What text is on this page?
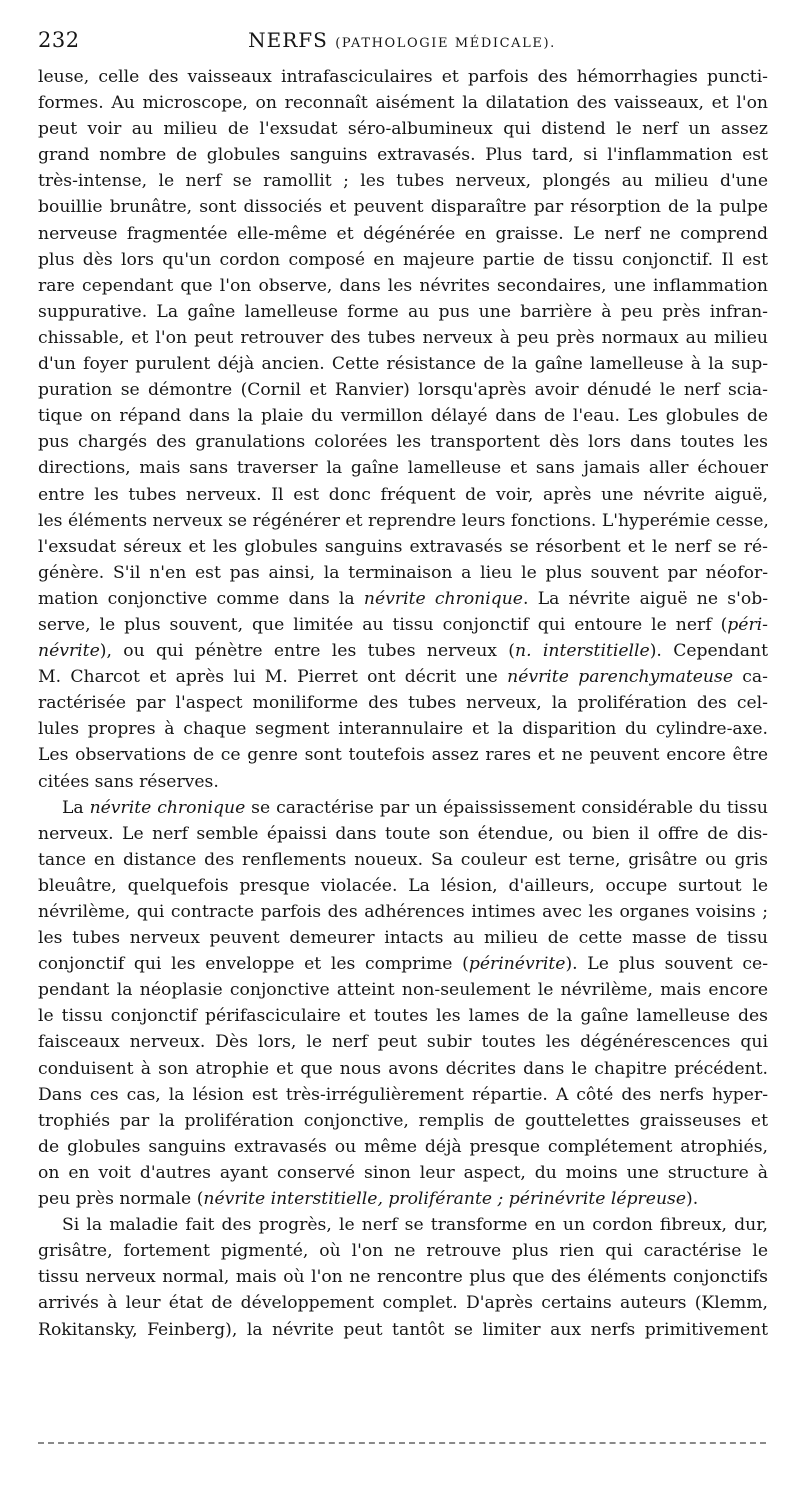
232	NERFS (PATHOLOGIE MÉDICALE).
leuse, celle des vaisseaux intrafasciculaires et parfois des hémorrhagies puncti-
formes. Au microscope, on reconnaît aisément la dilatation des vaisseaux, et l'on
peut voir au milieu de l'exsudat séro-albumineux qui distend le nerf un assez
grand nombre de globules sanguins extravasés. Plus tard, si l'inflammation est
très-intense, le nerf se ramollit ; les tubes nerveux, plongés au milieu d'une
bouillie brunâtre, sont dissociés et peuvent disparaître par résorption de la pulpe
nerveuse fragmentée elle-même et dégénérée en graisse. Le nerf ne comprend
plus dès lors qu'un cordon composé en majeure partie de tissu conjonctif. Il est
rare cependant que l'on observe, dans les névrites secondaires, une inflammation
suppurative. La gaîne lamelleuse forme au pus une barrière à peu près infran-
chissable, et l'on peut retrouver des tubes nerveux à peu près normaux au milieu
d'un foyer purulent déjà ancien. Cette résistance de la gaîne lamelleuse à la sup-
puration se démontre (Cornil et Ranvier) lorsqu'après avoir dénudé le nerf scia-
tique on répand dans la plaie du vermillon délayé dans de l'eau. Les globules de
pus chargés des granulations colorées les transportent dès lors dans toutes les
directions, mais sans traverser la gaîne lamelleuse et sans jamais aller échouer
entre les tubes nerveux. Il est donc fréquent de voir, après une névrite aiguë,
les éléments nerveux se régénérer et reprendre leurs fonctions. L'hyperémie cesse,
l'exsudat séreux et les globules sanguins extravasés se résorbent et le nerf se ré-
génère. S'il n'en est pas ainsi, la terminaison a lieu le plus souvent par néofor-
mation conjonctive comme dans la névrite chronique. La névrite aiguë ne s'ob-
serve, le plus souvent, que limitée au tissu conjonctif qui entoure le nerf (péri-
névrite), ou qui pénètre entre les tubes nerveux (n. interstitielle). Cependant
M. Charcot et après lui M. Pierret ont décrit une névrite parenchymateuse ca-
ractérisée par l'aspect moniliforme des tubes nerveux, la prolifération des cel-
lules propres à chaque segment interannulaire et la disparition du cylindre-axe.
Les observations de ce genre sont toutefois assez rares et ne peuvent encore être
citées sans réserves.
La névrite chronique se caractérise par un épaississement considérable du tissu
nerveux. Le nerf semble épaissi dans toute son étendue, ou bien il offre de dis-
tance en distance des renflements noueux. Sa couleur est terne, grisâtre ou gris
bleuâtre, quelquefois presque violacée. La lésion, d'ailleurs, occupe surtout le
névrilème, qui contracte parfois des adhérences intimes avec les organes voisins ;
les tubes nerveux peuvent demeurer intacts au milieu de cette masse de tissu
conjonctif qui les enveloppe et les comprime (périnévrite). Le plus souvent ce-
pendant la néoplasie conjonctive atteint non-seulement le névrilème, mais encore
le tissu conjonctif périfasciculaire et toutes les lames de la gaîne lamelleuse des
faisceaux nerveux. Dès lors, le nerf peut subir toutes les dégénérescences qui
conduisent à son atrophie et que nous avons décrites dans le chapitre précédent.
Dans ces cas, la lésion est très-irrégulièrement répartie. A côté des nerfs hyper-
trophiés par la prolifération conjonctive, remplis de gouttelettes graisseuses et
de globules sanguins extravasés ou même déjà presque complétement atrophiés,
on en voit d'autres ayant conservé sinon leur aspect, du moins une structure à
peu près normale (névrite interstitielle, proliférante ; périnévrite lépreuse).
Si la maladie fait des progrès, le nerf se transforme en un cordon fibreux, dur,
grisâtre, fortement pigmenté, où l'on ne retrouve plus rien qui caractérise le
tissu nerveux normal, mais où l'on ne rencontre plus que des éléments conjonctifs
arrivés à leur état de développement complet. D'après certains auteurs (Klemm,
Rokitansky, Feinberg), la névrite peut tantôt se limiter aux nerfs primitivement
